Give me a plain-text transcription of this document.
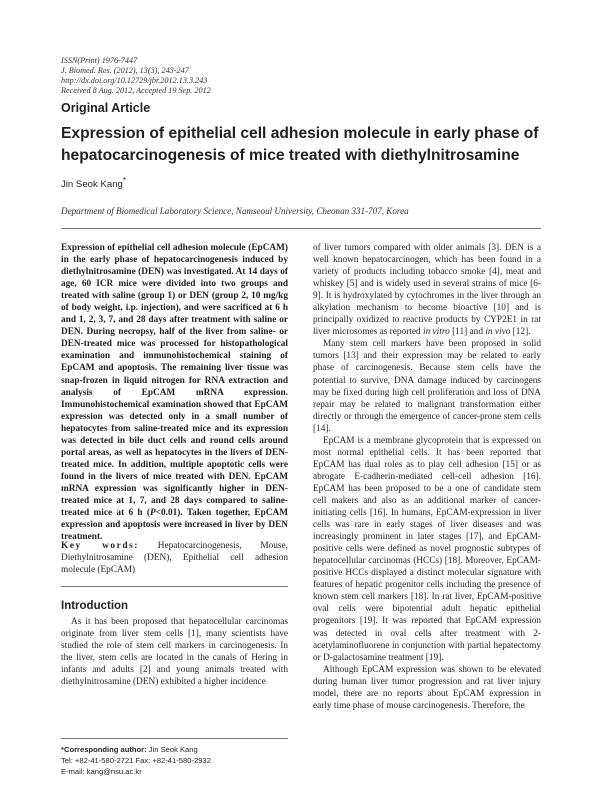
ISSN(Print) 1976-7447
J. Biomed. Res. (2012), 13(3), 243-247
http://dx.doi.org/10.12729/jbr.2012.13.3.243
Received 8 Aug. 2012, Accepted 19 Sep. 2012
Original Article
Expression of epithelial cell adhesion molecule in early phase of
hepatocarcinogenesis of mice treated with diethylnitrosamine
Jin Seok Kang*
Department of Biomedical Laboratory Science, Namseoul University, Cheonan 331-707, Korea

Expression of epithelial cell adhesion molecule (EpCAM) in the early phase of hepatocarcinogenesis induced by diethylnitrosamine (DEN) was investigated. At 14 days of age, 60 ICR mice were divided into two groups and treated with saline (group 1) or DEN (group 2, 10 mg/kg of body weight, i.p. injection), and were sacrificed at 6 h and 1, 2, 3, 7, and 28 days after treatment with saline or DEN. During necropsy, half of the liver from saline- or DEN-treated mice was processed for histopathological examination and immunohistochemical staining of EpCAM and apoptosis. The remaining liver tissue was snap-frozen in liquid nitrogen for RNA extraction and analysis of EpCAM mRNA expression. Immunohistochemical examination showed that EpCAM expression was detected only in a small number of hepatocytes from saline-treated mice and its expression was detected in bile duct cells and round cells around portal areas, as well as hepatocytes in the livers of DEN-treated mice. In addition, multiple apoptotic cells were found in the livers of mice treated with DEN. EpCAM mRNA expression was significantly higher in DEN-treated mice at 1, 7, and 28 days compared to saline-treated mice at 6 h (P<0.01). Taken together, EpCAM expression and apoptosis were increased in liver by DEN treatment.

Key words: Hepatocarcinogenesis, Mouse, Diethylnitrosamine (DEN), Epithelial cell adhesion molecule (EpCAM)
Introduction

As it has been proposed that hepatocellular carcinomas originate from liver stem cells [1], many scientists have studied the role of stem cell markers in carcinogenesis. In the liver, stem cells are located in the canals of Hering in infants and adults [2] and young animals treated with diethylnitrosamine (DEN) exhibited a higher incidence

*Corresponding author: Jin Seok Kang
Tel: +82-41-580-2721 Fax: +82-41-580-2932
E-mail: kang@nsu.ac.kr

of liver tumors compared with older animals [3]. DEN is a well known hepatocarcinogen, which has been found in a variety of products including tobacco smoke [4], meat and whiskey [5] and is widely used in several strains of mice [6-9]. It is hydroxylated by cytochromes in the liver through an alkylation mechanism to become bioactive [10] and is principally oxidized to reactive products by CYP2E1 in rat liver microsomes as reported in vitro [11] and in vivo [12].

Many stem cell markers have been proposed in solid tumors [13] and their expression may be related to early phase of carcinogenesis. Because stem cells have the potential to survive, DNA damage induced by carcinogens may be fixed during high cell proliferation and loss of DNA repair may be related to malignant transformation either directly or through the emergence of cancer-prone stem cells [14].

EpCAM is a membrane glycoprotein that is expressed on most normal epithelial cells. It has been reported that EpCAM has dual roles as to play cell adhesion [15] or as abrogate E-cadherin-mediated cell-cell adhesion [16]. EpCAM has been proposed to be a one of candidate stem cell makers and also as an additional marker of cancer-initiating cells [16]. In humans, EpCAM-expression in liver cells was rare in early stages of liver diseases and was increasingly prominent in later stages [17], and EpCAM-positive cells were defined as novel prognostic subtypes of hepatocellular carcinomas (HCCs) [18]. Moreover, EpCAM-positive HCCs displayed a distinct molecular signature with features of hepatic progenitor cells including the presence of known stem cell markers [18]. In rat liver, EpCAM-positive oval cells were bipotential adult hepatic epithelial progenitors [19]. It was reported that EpCAM expression was detected in oval cells after treatment with 2-acetylaminofluorene in conjunction with partial hepatectomy or D-galactosamine treatment [19].

Although EpCAM expression was shown to be elevated during human liver tumor progression and rat liver injury model, there are no reports about EpCAM expression in early time phase of mouse carcinogenesis. Therefore, the
